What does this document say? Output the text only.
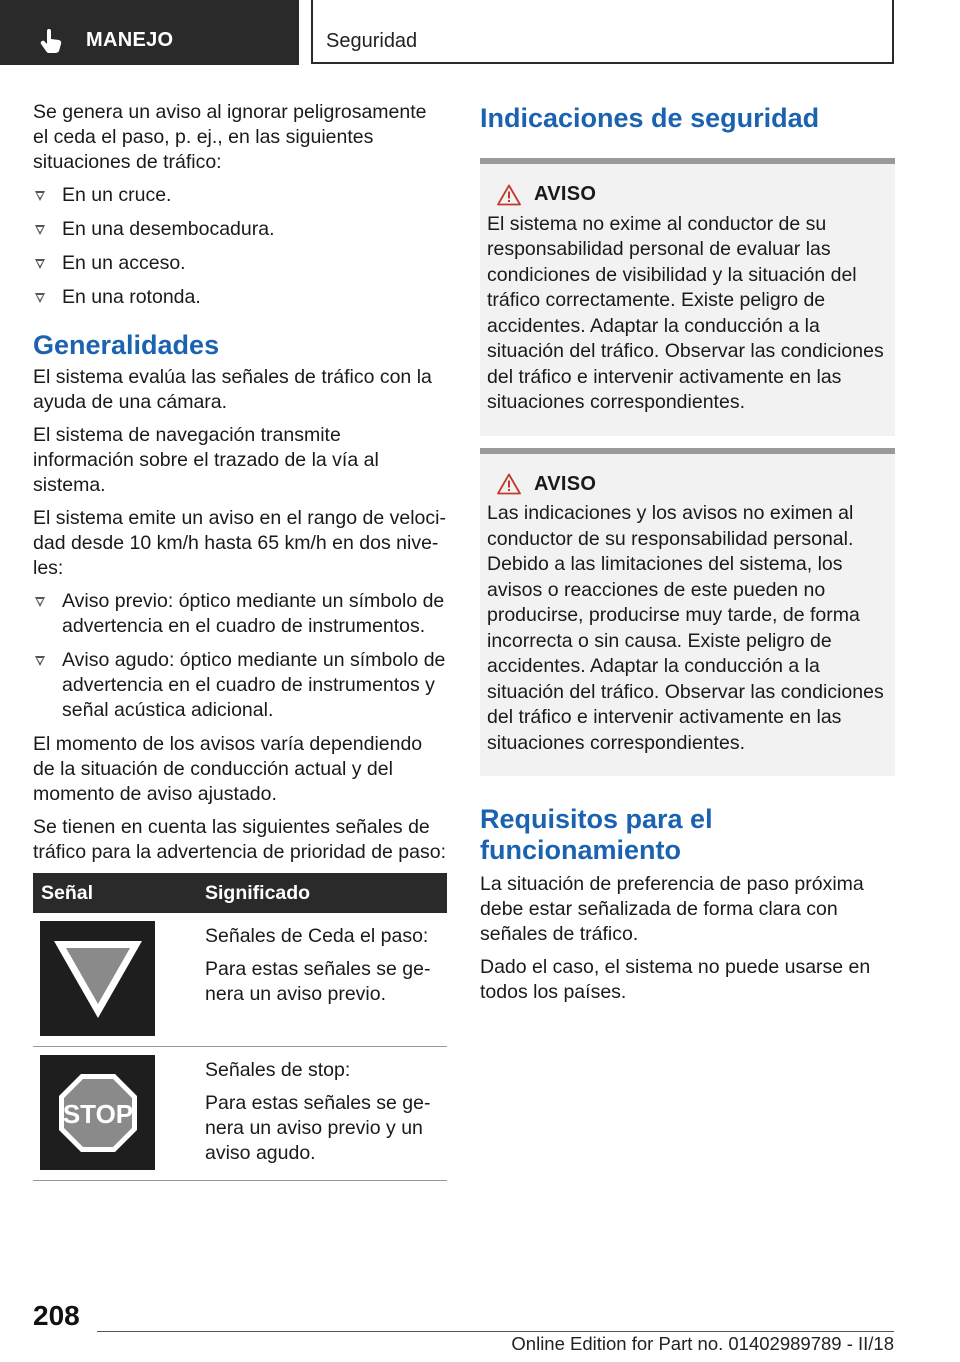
MANEJO	Seguridad

Se genera un aviso al ignorar peligrosamente el ceda el paso, p. ej., en las siguientes situaciones de tráfico:

En un cruce.
En una desembocadura.
En un acceso.
En una rotonda.
Generalidades

El sistema evalúa las señales de tráfico con la ayuda de una cámara.

El sistema de navegación transmite información sobre el trazado de la vía al sistema.

El sistema emite un aviso en el rango de velocidad desde 10 km/h hasta 65 km/h en dos niveles:

Aviso previo: óptico mediante un símbolo de advertencia en el cuadro de instrumentos.
Aviso agudo: óptico mediante un símbolo de advertencia en el cuadro de instrumentos y señal acústica adicional.

El momento de los avisos varía dependiendo de la situación de conducción actual y del momento de aviso ajustado.

Se tienen en cuenta las siguientes señales de tráfico para la advertencia de prioridad de paso:

Señal	Significado

Señales de Ceda el paso:

Para estas señales se genera un aviso previo.

STOP	Señales de stop:

Para estas señales se genera un aviso previo y un aviso agudo.

Indicaciones de seguridad
AVISO

El sistema no exime al conductor de su responsabilidad personal de evaluar las condiciones de visibilidad y la situación del tráfico correctamente. Existe peligro de accidentes. Adaptar la conducción a la situación del tráfico. Observar las condiciones del tráfico e intervenir activamente en las situaciones correspondientes.

AVISO

Las indicaciones y los avisos no eximen al conductor de su responsabilidad personal. Debido a las limitaciones del sistema, los avisos o reacciones de este pueden no producirse, producirse muy tarde, de forma incorrecta o sin causa. Existe peligro de accidentes. Adaptar la conducción a la situación del tráfico. Observar las condiciones del tráfico e intervenir activamente en las situaciones correspondientes.

Requisitos para el funcionamiento

La situación de preferencia de paso próxima debe estar señalizada de forma clara con señales de tráfico.

Dado el caso, el sistema no puede usarse en todos los países.

208
Online Edition for Part no. 01402989789 - II/18
